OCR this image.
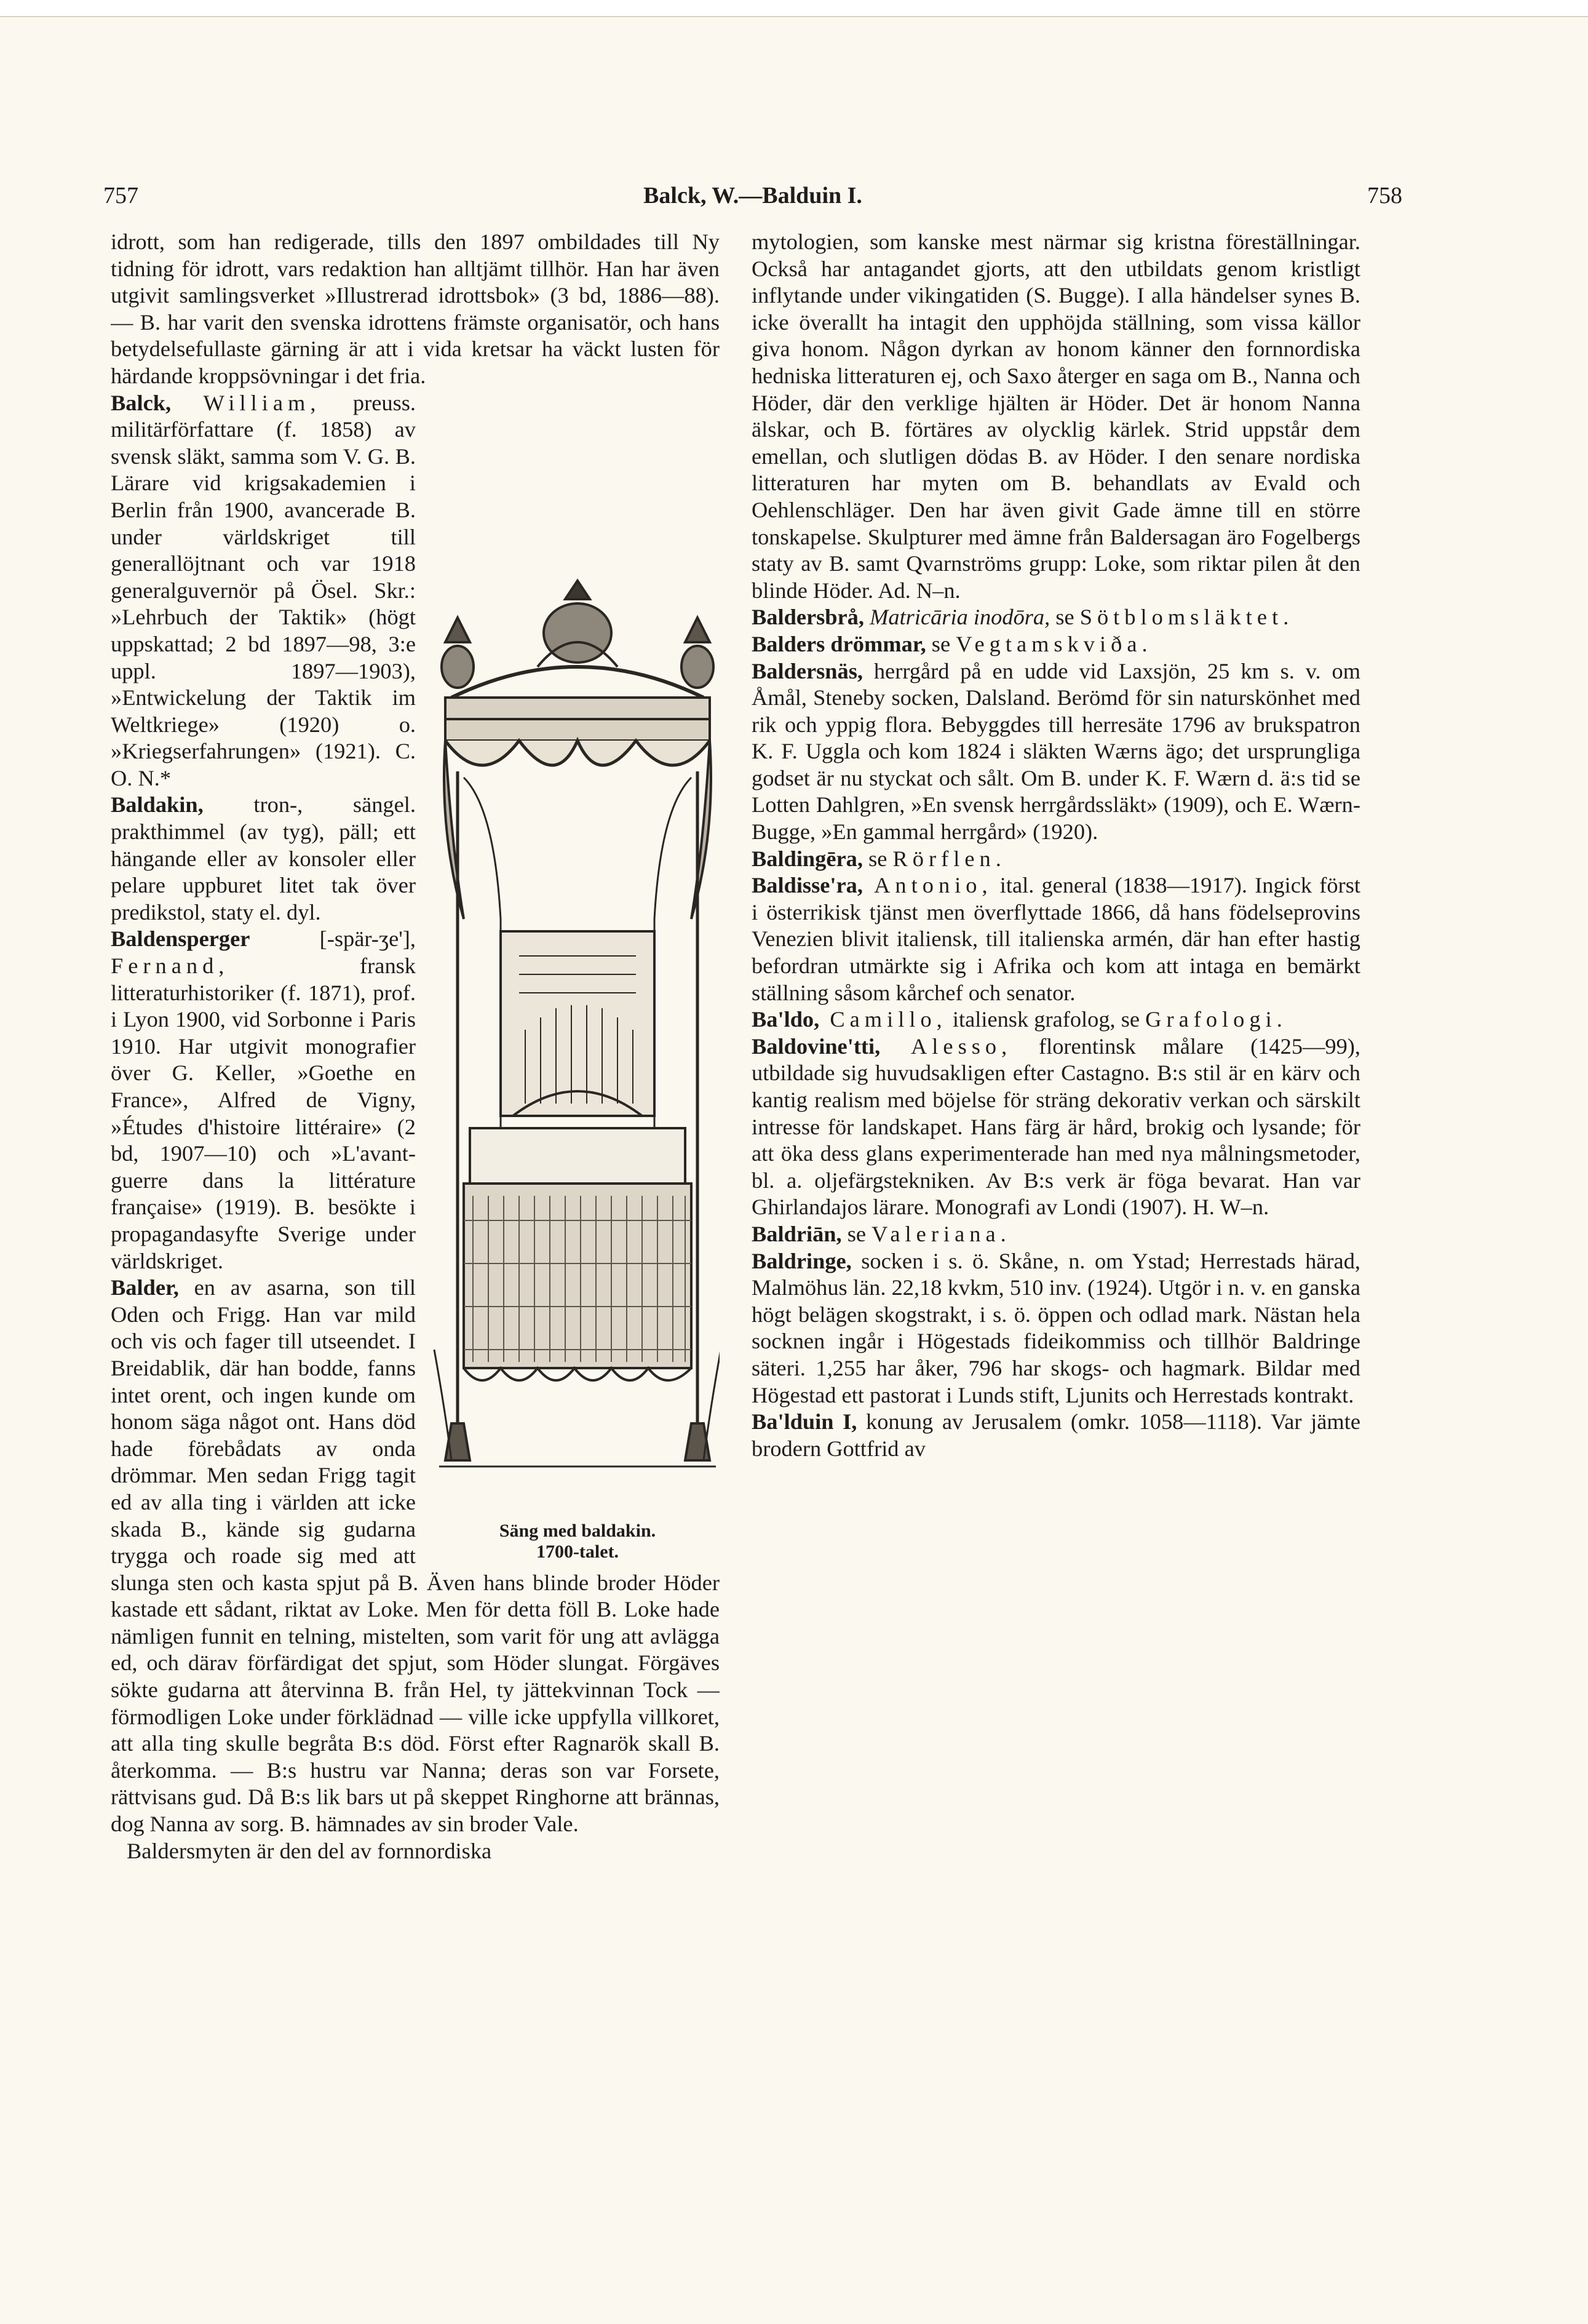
757	Balck, W.—Balduin I.	758

idrott, som han redigerade, tills den 1897 ombildades till Ny tidning för idrott, vars redaktion han alltjämt tillhör. Han har även utgivit samlingsverket »Illustrerad idrottsbok» (3 bd, 1886—88). — B. har varit den svenska idrottens främste organisatör, och hans betydelsefullaste gärning är att i vida kretsar ha väckt lusten för härdande kroppsövningar i det fria.

Säng med baldakin.
1700-talet.

Balck, William, preuss. militärförfattare (f. 1858) av svensk släkt, samma som V. G. B. Lärare vid krigsakademien i Berlin från 1900, avancerade B. under världskriget till generallöjtnant och var 1918 generalguvernör på Ösel. Skr.: »Lehrbuch der Taktik» (högt uppskattad; 2 bd 1897—98, 3:e uppl. 1897—1903), »Entwickelung der Taktik im Weltkriege» (1920) o. »Kriegserfahrungen» (1921). C. O. N.*

Baldakin, tron-, sängel. prakthimmel (av tyg), päll; ett hängande eller av konsoler eller pelare uppburet litet tak över predikstol, staty el. dyl.

Baldensperger [-spär-ʒe'], Fernand, fransk litteraturhistoriker (f. 1871), prof. i Lyon 1900, vid Sorbonne i Paris 1910. Har utgivit monografier över G. Keller, »Goethe en France», Alfred de Vigny, »Études d'histoire littéraire» (2 bd, 1907—10) och »L'avant-guerre dans la littérature française» (1919). B. besökte i propagandasyfte Sverige under världskriget.

Balder, en av asarna, son till Oden och Frigg. Han var mild och vis och fager till utseendet. I Breidablik, där han bodde, fanns intet orent, och ingen kunde om honom säga något ont. Hans död hade förebådats av onda drömmar. Men sedan Frigg tagit ed av alla ting i världen att icke skada B., kände sig gudarna trygga och roade sig med att slunga sten och kasta spjut på B. Även hans blinde broder Höder kastade ett sådant, riktat av Loke. Men för detta föll B. Loke hade nämligen funnit en telning, mistelten, som varit för ung att avlägga ed, och därav förfärdigat det spjut, som Höder slungat. Förgäves sökte gudarna att återvinna B. från Hel, ty jättekvinnan Tock — förmodligen Loke under förklädnad — ville icke uppfylla villkoret, att alla ting skulle begråta B:s död. Först efter Ragnarök skall B. återkomma. — B:s hustru var Nanna; deras son var Forsete, rättvisans gud. Då B:s lik bars ut på skeppet Ringhorne att brännas, dog Nanna av sorg. B. hämnades av sin broder Vale.

Baldersmyten är den del av fornnordiska

mytologien, som kanske mest närmar sig kristna föreställningar. Också har antagandet gjorts, att den utbildats genom kristligt inflytande under vikingatiden (S. Bugge). I alla händelser synes B. icke överallt ha intagit den upphöjda ställning, som vissa källor giva honom. Någon dyrkan av honom känner den fornnordiska hedniska litteraturen ej, och Saxo återger en saga om B., Nanna och Höder, där den verklige hjälten är Höder. Det är honom Nanna älskar, och B. förtäres av olycklig kärlek. Strid uppstår dem emellan, och slutligen dödas B. av Höder. I den senare nordiska litteraturen har myten om B. behandlats av Evald och Oehlenschläger. Den har även givit Gade ämne till en större tonskapelse. Skulpturer med ämne från Baldersagan äro Fogelbergs staty av B. samt Qvarnströms grupp: Loke, som riktar pilen åt den blinde Höder. Ad. N–n.

Baldersbrå, Matricāria inodōra, se Sötblomsläktet.

Balders drömmar, se Vegtamskviða.

Baldersnäs, herrgård på en udde vid Laxsjön, 25 km s. v. om Åmål, Steneby socken, Dalsland. Berömd för sin naturskönhet med rik och yppig flora. Bebyggdes till herresäte 1796 av brukspatron K. F. Uggla och kom 1824 i släkten Wærns ägo; det ursprungliga godset är nu styckat och sålt. Om B. under K. F. Wærn d. ä:s tid se Lotten Dahlgren, »En svensk herrgårdssläkt» (1909), och E. Wærn-Bugge, »En gammal herrgård» (1920).

Baldingēra, se Rörflen.

Baldisse'ra, Antonio, ital. general (1838—1917). Ingick först i österrikisk tjänst men överflyttade 1866, då hans födelseprovins Venezien blivit italiensk, till italienska armén, där han efter hastig befordran utmärkte sig i Afrika och kom att intaga en bemärkt ställning såsom kårchef och senator.

Ba'ldo, Camillo, italiensk grafolog, se Grafologi.

Baldovine'tti, Alesso, florentinsk målare (1425—99), utbildade sig huvudsakligen efter Castagno. B:s stil är en kärv och kantig realism med böjelse för sträng dekorativ verkan och särskilt intresse för landskapet. Hans färg är hård, brokig och lysande; för att öka dess glans experimenterade han med nya målningsmetoder, bl. a. oljefärgstekniken. Av B:s verk är föga bevarat. Han var Ghirlandajos lärare. Monografi av Londi (1907). H. W–n.

Baldriān, se Valeriana.

Baldringe, socken i s. ö. Skåne, n. om Ystad; Herrestads härad, Malmöhus län. 22,18 kvkm, 510 inv. (1924). Utgör i n. v. en ganska högt belägen skogstrakt, i s. ö. öppen och odlad mark. Nästan hela socknen ingår i Högestads fideikommiss och tillhör Baldringe säteri. 1,255 har åker, 796 har skogs- och hagmark. Bildar med Högestad ett pastorat i Lunds stift, Ljunits och Herrestads kontrakt.

Ba'lduin I, konung av Jerusalem (omkr. 1058—1118). Var jämte brodern Gottfrid av
